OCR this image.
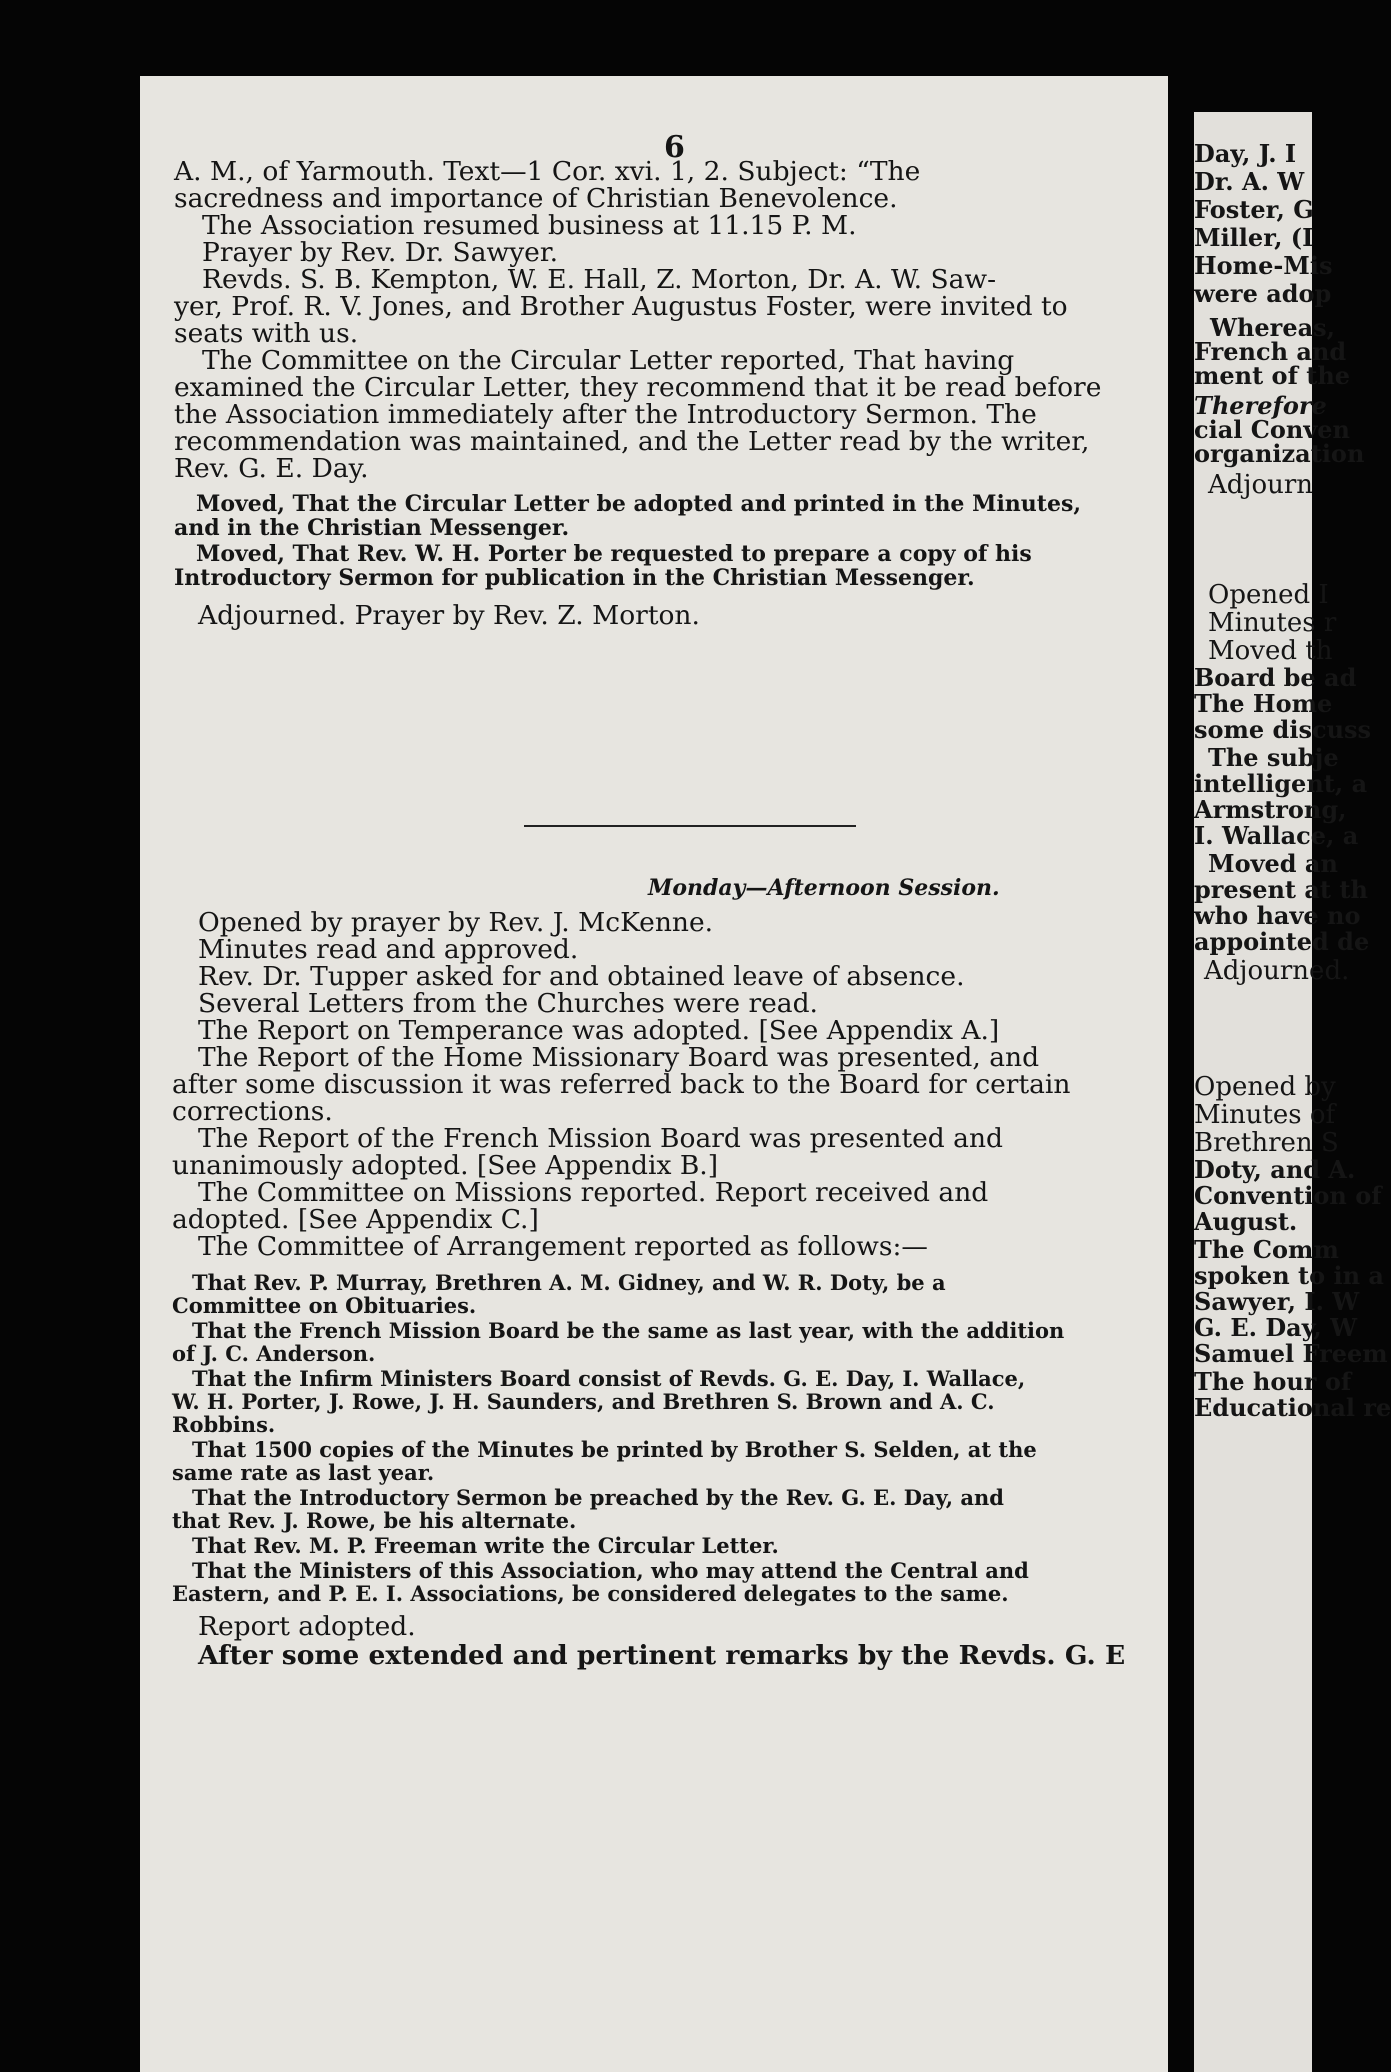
6
A. M., of Yarmouth. Text—1 Cor. xvi. 1, 2. Subject: “The
sacredness and importance of Christian Benevolence.
The Association resumed business at 11.15 P. M.
Prayer by Rev. Dr. Sawyer.
Revds. S. B. Kempton, W. E. Hall, Z. Morton, Dr. A. W. Saw-
yer, Prof. R. V. Jones, and Brother Augustus Foster, were invited to
seats with us.
The Committee on the Circular Letter reported, That having
examined the Circular Letter, they recommend that it be read before
the Association immediately after the Introductory Sermon. The
recommendation was maintained, and the Letter read by the writer,
Rev. G. E. Day.
Moved, That the Circular Letter be adopted and printed in the Minutes,
and in the Christian Messenger.
Moved, That Rev. W. H. Porter be requested to prepare a copy of his
Introductory Sermon for publication in the Christian Messenger.
Adjourned. Prayer by Rev. Z. Morton.
Monday—Afternoon Session.
Opened by prayer by Rev. J. McKenne.
Minutes read and approved.
Rev. Dr. Tupper asked for and obtained leave of absence.
Several Letters from the Churches were read.
The Report on Temperance was adopted. [See Appendix A.]
The Report of the Home Missionary Board was presented, and
after some discussion it was referred back to the Board for certain
corrections.
The Report of the French Mission Board was presented and
unanimously adopted. [See Appendix B.]
The Committee on Missions reported. Report received and
adopted. [See Appendix C.]
The Committee of Arrangement reported as follows:—
That Rev. P. Murray, Brethren A. M. Gidney, and W. R. Doty, be a
Committee on Obituaries.
That the French Mission Board be the same as last year, with the addition
of J. C. Anderson.
That the Infirm Ministers Board consist of Revds. G. E. Day, I. Wallace,
W. H. Porter, J. Rowe, J. H. Saunders, and Brethren S. Brown and A. C.
Robbins.
That 1500 copies of the Minutes be printed by Brother S. Selden, at the
same rate as last year.
That the Introductory Sermon be preached by the Rev. G. E. Day, and
that Rev. J. Rowe, be his alternate.
That Rev. M. P. Freeman write the Circular Letter.
That the Ministers of this Association, who may attend the Central and
Eastern, and P. E. I. Associations, be considered delegates to the same.
Report adopted.
After some extended and pertinent remarks by the Revds. G. E
Day, J. I
Dr. A. W
Foster, G
Miller, (I
Home-Mis
were adop
Whereas,
French and
ment of the
Therefore
cial Conven
organization
Adjourn
Opened I
Minutes r
Moved th
Board be ad
The Home
some discuss
The subje
intelligent, a
Armstrong,
I. Wallace, a
Moved an
present at th
who have no
appointed de
Adjourned.
Opened by
Minutes of
Brethren S
Doty, and A.
Convention of
August.
The Comm
spoken to in a
Sawyer, I. W
G. E. Day, W
Samuel Freem
The hour of
Educational re
